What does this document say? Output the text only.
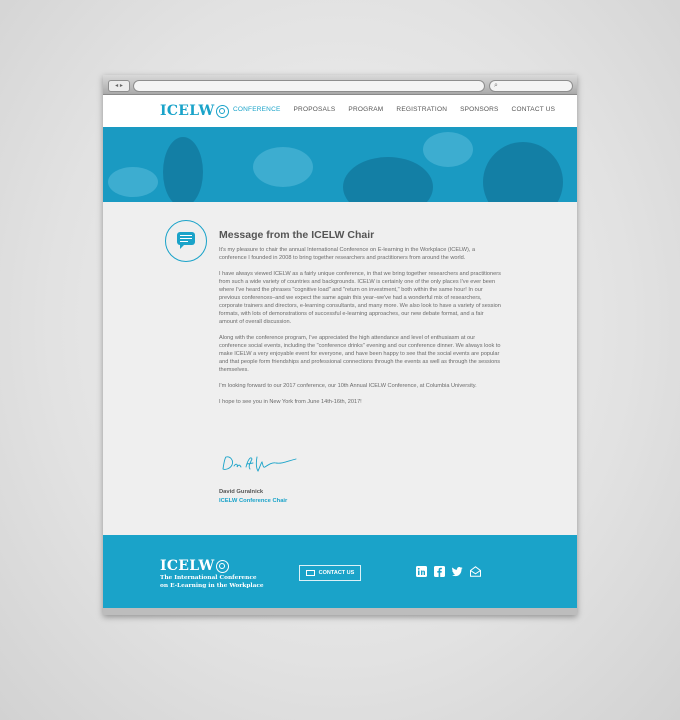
◂ ▸	⌕
ICELW	CONFERENCE PROPOSALS PROGRAM REGISTRATION SPONSORS CONTACT US
Message from the ICELW Chair

It's my pleasure to chair the annual International Conference on E-learning in the Workplace (ICELW), a conference I founded in 2008 to bring together researchers and practitioners from around the world.

I have always viewed ICELW as a fairly unique conference, in that we bring together researchers and practitioners from such a wide variety of countries and backgrounds. ICELW is certainly one of the only places I've ever been where I've heard the phrases "cognitive load" and "return on investment," both within the same hour! In our previous conferences–and we expect the same again this year–we've had a wonderful mix of researchers, corporate trainers and directors, e-learning consultants, and many more. We also look to have a variety of session formats, with lots of demonstrations of successful e-learning approaches, our new debate format, and a fair amount of overall discussion.

Along with the conference program, I've appreciated the high attendance and level of enthusiasm at our conference social events, including the "conference drinks" evening and our conference dinner. We always look to make ICELW a very enjoyable event for everyone, and have been happy to see that the social events are popular and that people form friendships and professional connections through the events as well as through the sessions themselves.

I'm looking forward to our 2017 conference, our 10th Annual ICELW Conference, at Columbia University.

I hope to see you in New York from June 14th-16th, 2017!

David Guralnick
ICELW Conference Chair
ICELW
The International Conference
on E-Learning in the Workplace
CONTACT US
